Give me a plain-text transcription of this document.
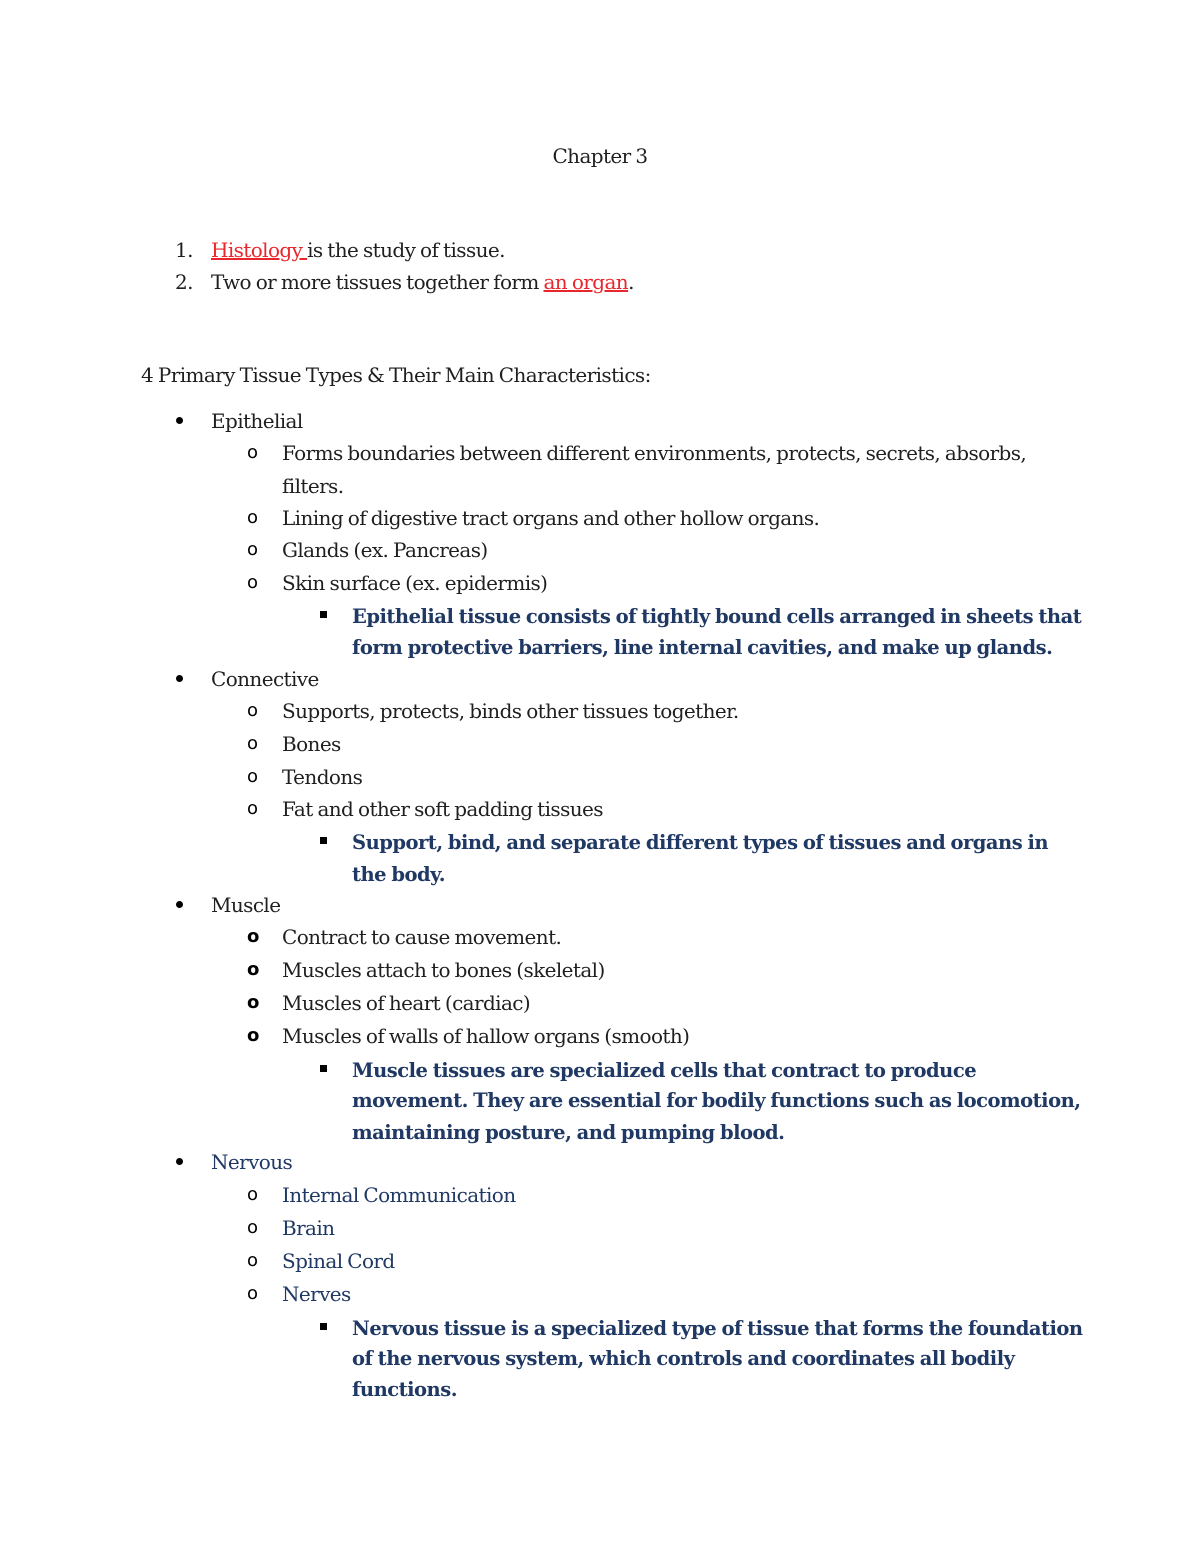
Chapter 3
1. Histology is the study of tissue.
2. Two or more tissues together form an organ.
4 Primary Tissue Types & Their Main Characteristics:
Epithelial
o Forms boundaries between different environments, protects, secrets, absorbs,
filters.
o Lining of digestive tract organs and other hollow organs.
o Glands (ex. Pancreas)
o Skin surface (ex. epidermis)
Epithelial tissue consists of tightly bound cells arranged in sheets that
form protective barriers, line internal cavities, and make up glands.
Connective
o Supports, protects, binds other tissues together.
o Bones
o Tendons
o Fat and other soft padding tissues
Support, bind, and separate different types of tissues and organs in
the body.
Muscle
o Contract to cause movement.
o Muscles attach to bones (skeletal)
o Muscles of heart (cardiac)
o Muscles of walls of hallow organs (smooth)
Muscle tissues are specialized cells that contract to produce
movement. They are essential for bodily functions such as locomotion,
maintaining posture, and pumping blood.
Nervous
o Internal Communication
o Brain
o Spinal Cord
o Nerves
Nervous tissue is a specialized type of tissue that forms the foundation
of the nervous system, which controls and coordinates all bodily
functions.
